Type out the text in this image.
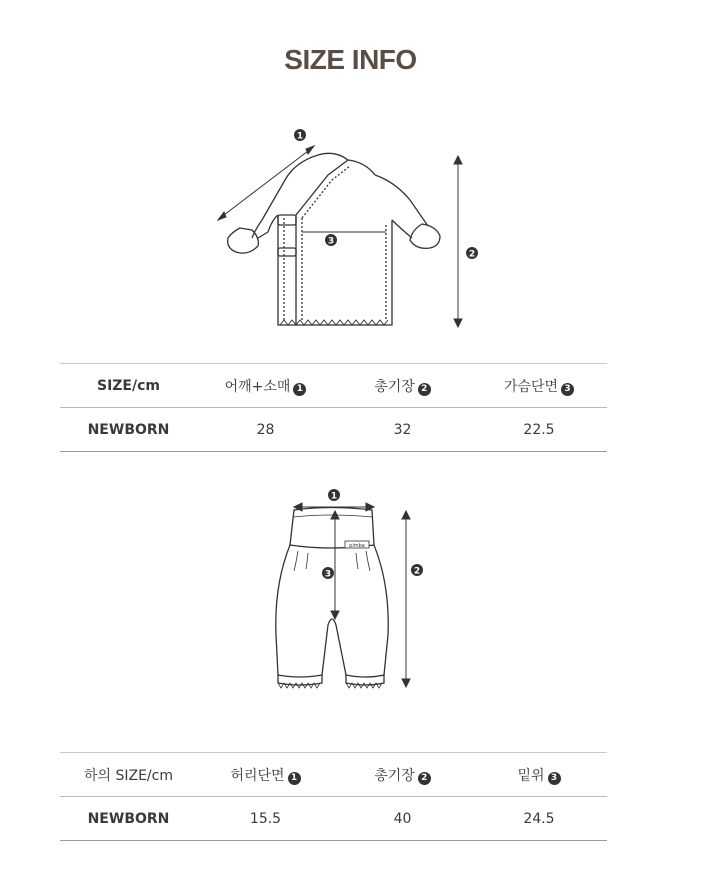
SIZE INFO
1
2
3
SIZE/cm	어깨+소매 1	총기장 2	가슴단면 3
NEWBORN	28	32	22.5
pimba
1
2
3
하의 SIZE/cm	허리단면 1	총기장 2	밑위 3
NEWBORN	15.5	40	24.5
